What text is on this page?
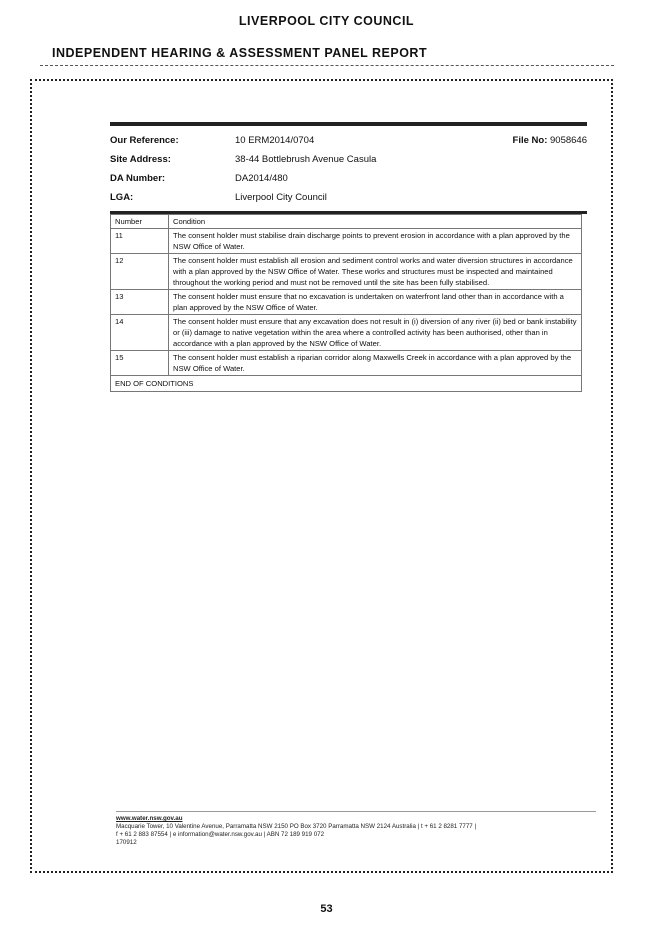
LIVERPOOL CITY COUNCIL
INDEPENDENT HEARING & ASSESSMENT PANEL REPORT
Our Reference:	10 ERM2014/0704	File No: 9058646
Site Address:	38-44 Bottlebrush Avenue Casula
DA Number:	DA2014/480
LGA:	Liverpool City Council
Number	Condition
11	The consent holder must stabilise drain discharge points to prevent erosion in accordance with a plan approved by the NSW Office of Water.
12	The consent holder must establish all erosion and sediment control works and water diversion structures in accordance with a plan approved by the NSW Office of Water. These works and structures must be inspected and maintained throughout the working period and must not be removed until the site has been fully stabilised.
13	The consent holder must ensure that no excavation is undertaken on waterfront land other than in accordance with a plan approved by the NSW Office of Water.
14	The consent holder must ensure that any excavation does not result in (i) diversion of any river (ii) bed or bank instability or (iii) damage to native vegetation within the area where a controlled activity has been authorised, other than in accordance with a plan approved by the NSW Office of Water.
15	The consent holder must establish a riparian corridor along Maxwells Creek in accordance with a plan approved by the NSW Office of Water.
END OF CONDITIONS	
www.water.nsw.gov.au
Macquarie Tower, 10 Valentine Avenue, Parramatta NSW 2150 PO Box 3720 Parramatta NSW 2124 Australia | t + 61 2 8281 7777 |
f + 61 2 883 87554 | e information@water.nsw.gov.au | ABN 72 189 919 072
170912
53
